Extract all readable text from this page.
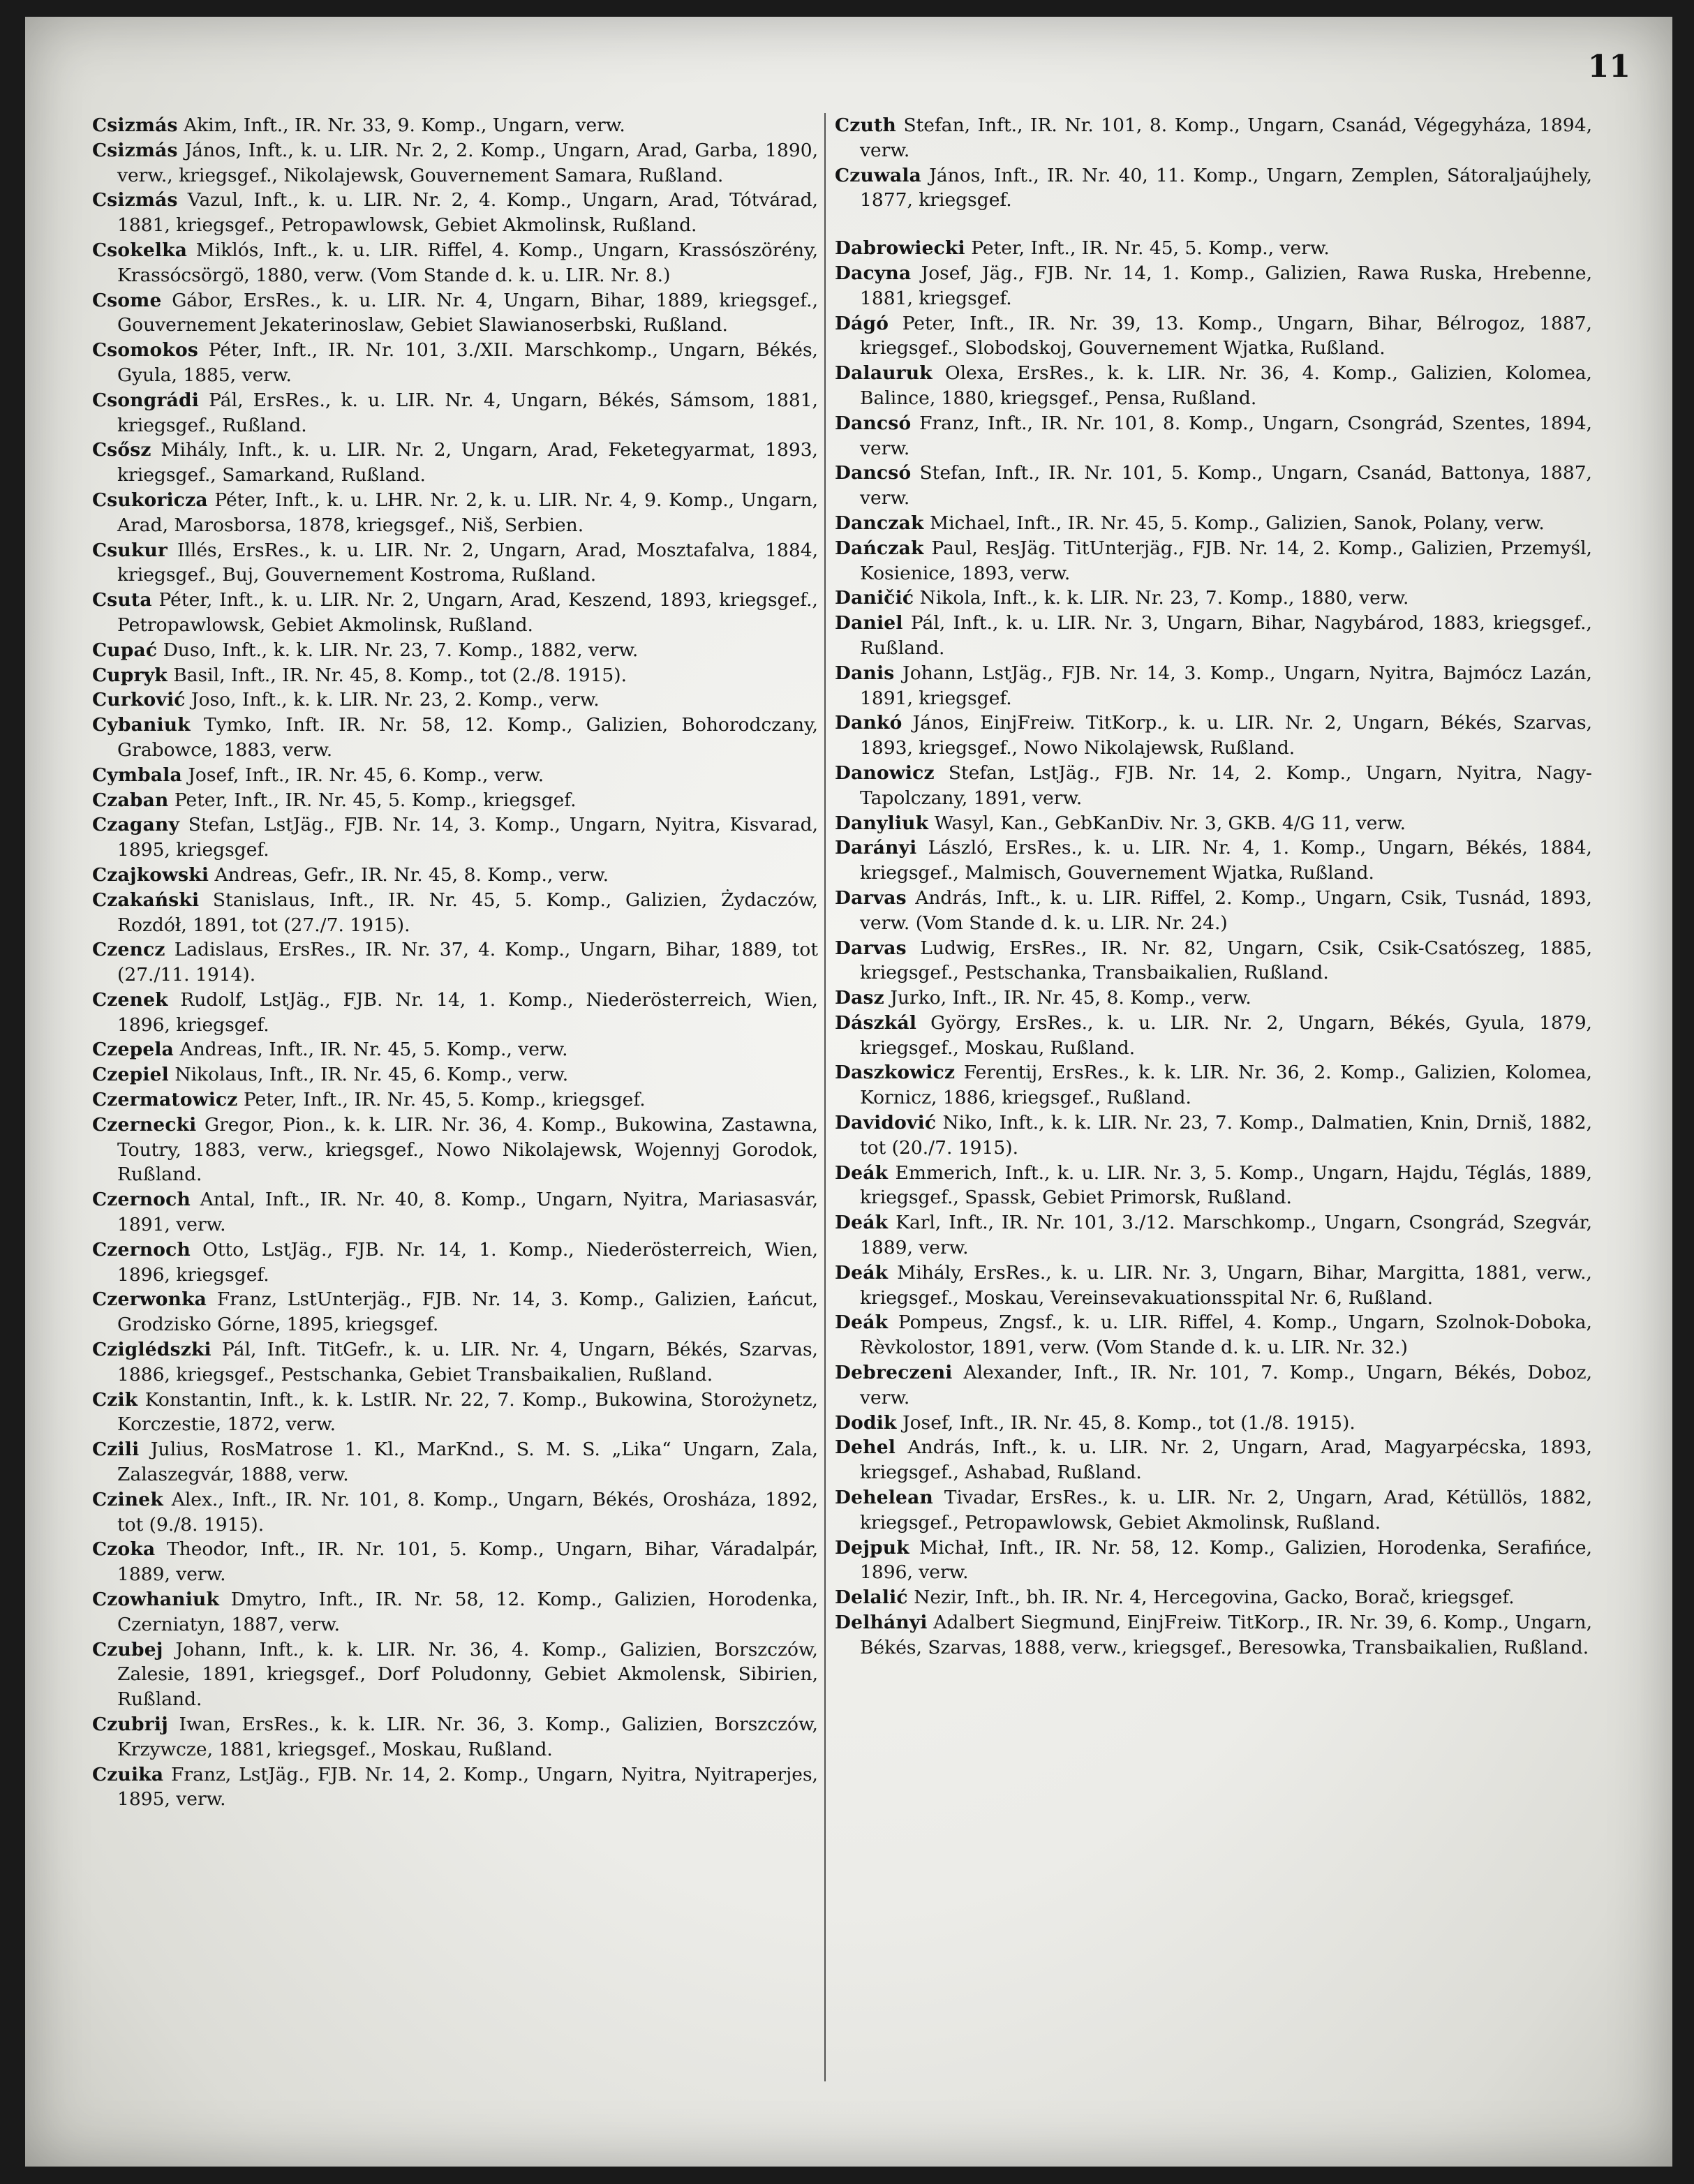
11

Csizmás Akim, Inft., IR. Nr. 33, 9. Komp., Ungarn, verw.

Csizmás János, Inft., k. u. LIR. Nr. 2, 2. Komp., Ungarn, Arad, Garba, 1890, verw., kriegsgef., Nikolajewsk, Gouvernement Samara, Rußland.

Csizmás Vazul, Inft., k. u. LIR. Nr. 2, 4. Komp., Ungarn, Arad, Tótvárad, 1881, kriegsgef., Petropawlowsk, Gebiet Akmolinsk, Rußland.

Csokelka Miklós, Inft., k. u. LIR. Riffel, 4. Komp., Ungarn, Krassószörény, Krassócsörgö, 1880, verw. (Vom Stande d. k. u. LIR. Nr. 8.)

Csome Gábor, ErsRes., k. u. LIR. Nr. 4, Ungarn, Bihar, 1889, kriegsgef., Gouvernement Jekaterinoslaw, Gebiet Slawianoserbski, Rußland.

Csomokos Péter, Inft., IR. Nr. 101, 3./XII. Marschkomp., Ungarn, Békés, Gyula, 1885, verw.

Csongrádi Pál, ErsRes., k. u. LIR. Nr. 4, Ungarn, Békés, Sámsom, 1881, kriegsgef., Rußland.

Csősz Mihály, Inft., k. u. LIR. Nr. 2, Ungarn, Arad, Feketegyarmat, 1893, kriegsgef., Samarkand, Rußland.

Csukoricza Péter, Inft., k. u. LHR. Nr. 2, k. u. LIR. Nr. 4, 9. Komp., Ungarn, Arad, Marosborsa, 1878, kriegsgef., Niš, Serbien.

Csukur Illés, ErsRes., k. u. LIR. Nr. 2, Ungarn, Arad, Mosztafalva, 1884, kriegsgef., Buj, Gouvernement Kostroma, Rußland.

Csuta Péter, Inft., k. u. LIR. Nr. 2, Ungarn, Arad, Keszend, 1893, kriegsgef., Petropawlowsk, Gebiet Akmolinsk, Rußland.

Cupać Duso, Inft., k. k. LIR. Nr. 23, 7. Komp., 1882, verw.

Cupryk Basil, Inft., IR. Nr. 45, 8. Komp., tot (2./8. 1915).

Curković Joso, Inft., k. k. LIR. Nr. 23, 2. Komp., verw.

Cybaniuk Tymko, Inft. IR. Nr. 58, 12. Komp., Galizien, Bohorodczany, Grabowce, 1883, verw.

Cymbala Josef, Inft., IR. Nr. 45, 6. Komp., verw.

Czaban Peter, Inft., IR. Nr. 45, 5. Komp., kriegsgef.

Czagany Stefan, LstJäg., FJB. Nr. 14, 3. Komp., Ungarn, Nyitra, Kisvarad, 1895, kriegsgef.

Czajkowski Andreas, Gefr., IR. Nr. 45, 8. Komp., verw.

Czakański Stanislaus, Inft., IR. Nr. 45, 5. Komp., Galizien, Żydaczów, Rozdół, 1891, tot (27./7. 1915).

Czencz Ladislaus, ErsRes., IR. Nr. 37, 4. Komp., Ungarn, Bihar, 1889, tot (27./11. 1914).

Czenek Rudolf, LstJäg., FJB. Nr. 14, 1. Komp., Niederösterreich, Wien, 1896, kriegsgef.

Czepela Andreas, Inft., IR. Nr. 45, 5. Komp., verw.

Czepiel Nikolaus, Inft., IR. Nr. 45, 6. Komp., verw.

Czermatowicz Peter, Inft., IR. Nr. 45, 5. Komp., kriegsgef.

Czernecki Gregor, Pion., k. k. LIR. Nr. 36, 4. Komp., Bukowina, Zastawna, Toutry, 1883, verw., kriegsgef., Nowo Nikolajewsk, Wojennyj Gorodok, Rußland.

Czernoch Antal, Inft., IR. Nr. 40, 8. Komp., Ungarn, Nyitra, Mariasasvár, 1891, verw.

Czernoch Otto, LstJäg., FJB. Nr. 14, 1. Komp., Niederösterreich, Wien, 1896, kriegsgef.

Czerwonka Franz, LstUnterjäg., FJB. Nr. 14, 3. Komp., Galizien, Łańcut, Grodzisko Górne, 1895, kriegsgef.

Cziglédszki Pál, Inft. TitGefr., k. u. LIR. Nr. 4, Ungarn, Békés, Szarvas, 1886, kriegsgef., Pestschanka, Gebiet Transbaikalien, Rußland.

Czik Konstantin, Inft., k. k. LstIR. Nr. 22, 7. Komp., Bukowina, Storożynetz, Korczestie, 1872, verw.

Czili Julius, RosMatrose 1. Kl., MarKnd., S. M. S. „Lika“ Ungarn, Zala, Zalaszegvár, 1888, verw.

Czinek Alex., Inft., IR. Nr. 101, 8. Komp., Ungarn, Békés, Orosháza, 1892, tot (9./8. 1915).

Czoka Theodor, Inft., IR. Nr. 101, 5. Komp., Ungarn, Bihar, Váradalpár, 1889, verw.

Czowhaniuk Dmytro, Inft., IR. Nr. 58, 12. Komp., Galizien, Horodenka, Czerniatyn, 1887, verw.

Czubej Johann, Inft., k. k. LIR. Nr. 36, 4. Komp., Galizien, Borszczów, Zalesie, 1891, kriegsgef., Dorf Poludonny, Gebiet Akmolensk, Sibirien, Rußland.

Czubrij Iwan, ErsRes., k. k. LIR. Nr. 36, 3. Komp., Galizien, Borszczów, Krzywcze, 1881, kriegsgef., Moskau, Rußland.

Czuika Franz, LstJäg., FJB. Nr. 14, 2. Komp., Ungarn, Nyitra, Nyitraperjes, 1895, verw.

Czuth Stefan, Inft., IR. Nr. 101, 8. Komp., Ungarn, Csanád, Végegyháza, 1894, verw.

Czuwala János, Inft., IR. Nr. 40, 11. Komp., Ungarn, Zemplen, Sátoraljaújhely, 1877, kriegsgef.

Dabrowiecki Peter, Inft., IR. Nr. 45, 5. Komp., verw.

Dacyna Josef, Jäg., FJB. Nr. 14, 1. Komp., Galizien, Rawa Ruska, Hrebenne, 1881, kriegsgef.

Dágó Peter, Inft., IR. Nr. 39, 13. Komp., Ungarn, Bihar, Bélrogoz, 1887, kriegsgef., Slobodskoj, Gouvernement Wjatka, Rußland.

Dalauruk Olexa, ErsRes., k. k. LIR. Nr. 36, 4. Komp., Galizien, Kolomea, Balince, 1880, kriegsgef., Pensa, Rußland.

Dancsó Franz, Inft., IR. Nr. 101, 8. Komp., Ungarn, Csongrád, Szentes, 1894, verw.

Dancsó Stefan, Inft., IR. Nr. 101, 5. Komp., Ungarn, Csanád, Battonya, 1887, verw.

Danczak Michael, Inft., IR. Nr. 45, 5. Komp., Galizien, Sanok, Polany, verw.

Dańczak Paul, ResJäg. TitUnterjäg., FJB. Nr. 14, 2. Komp., Galizien, Przemyśl, Kosienice, 1893, verw.

Daničić Nikola, Inft., k. k. LIR. Nr. 23, 7. Komp., 1880, verw.

Daniel Pál, Inft., k. u. LIR. Nr. 3, Ungarn, Bihar, Nagybárod, 1883, kriegsgef., Rußland.

Danis Johann, LstJäg., FJB. Nr. 14, 3. Komp., Ungarn, Nyitra, Bajmócz Lazán, 1891, kriegsgef.

Dankó János, EinjFreiw. TitKorp., k. u. LIR. Nr. 2, Ungarn, Békés, Szarvas, 1893, kriegsgef., Nowo Nikolajewsk, Rußland.

Danowicz Stefan, LstJäg., FJB. Nr. 14, 2. Komp., Ungarn, Nyitra, Nagy-Tapolczany, 1891, verw.

Danyliuk Wasyl, Kan., GebKanDiv. Nr. 3, GKB. 4/G 11, verw.

Darányi László, ErsRes., k. u. LIR. Nr. 4, 1. Komp., Ungarn, Békés, 1884, kriegsgef., Malmisch, Gouvernement Wjatka, Rußland.

Darvas András, Inft., k. u. LIR. Riffel, 2. Komp., Ungarn, Csik, Tusnád, 1893, verw. (Vom Stande d. k. u. LIR. Nr. 24.)

Darvas Ludwig, ErsRes., IR. Nr. 82, Ungarn, Csik, Csik-Csatószeg, 1885, kriegsgef., Pestschanka, Transbaikalien, Rußland.

Dasz Jurko, Inft., IR. Nr. 45, 8. Komp., verw.

Dászkál György, ErsRes., k. u. LIR. Nr. 2, Ungarn, Békés, Gyula, 1879, kriegsgef., Moskau, Rußland.

Daszkowicz Ferentij, ErsRes., k. k. LIR. Nr. 36, 2. Komp., Galizien, Kolomea, Kornicz, 1886, kriegsgef., Rußland.

Davidović Niko, Inft., k. k. LIR. Nr. 23, 7. Komp., Dalmatien, Knin, Drniš, 1882, tot (20./7. 1915).

Deák Emmerich, Inft., k. u. LIR. Nr. 3, 5. Komp., Ungarn, Hajdu, Téglás, 1889, kriegsgef., Spassk, Gebiet Primorsk, Rußland.

Deák Karl, Inft., IR. Nr. 101, 3./12. Marschkomp., Ungarn, Csongrád, Szegvár, 1889, verw.

Deák Mihály, ErsRes., k. u. LIR. Nr. 3, Ungarn, Bihar, Margitta, 1881, verw., kriegsgef., Moskau, Vereinsevakuationsspital Nr. 6, Rußland.

Deák Pompeus, Zngsf., k. u. LIR. Riffel, 4. Komp., Ungarn, Szolnok-Doboka, Rèvkolostor, 1891, verw. (Vom Stande d. k. u. LIR. Nr. 32.)

Debreczeni Alexander, Inft., IR. Nr. 101, 7. Komp., Ungarn, Békés, Doboz, verw.

Dodik Josef, Inft., IR. Nr. 45, 8. Komp., tot (1./8. 1915).

Dehel András, Inft., k. u. LIR. Nr. 2, Ungarn, Arad, Magyarpécska, 1893, kriegsgef., Ashabad, Rußland.

Dehelean Tivadar, ErsRes., k. u. LIR. Nr. 2, Ungarn, Arad, Kétüllös, 1882, kriegsgef., Petropawlowsk, Gebiet Akmolinsk, Rußland.

Dejpuk Michał, Inft., IR. Nr. 58, 12. Komp., Galizien, Horodenka, Serafińce, 1896, verw.

Delalić Nezir, Inft., bh. IR. Nr. 4, Hercegovina, Gacko, Borač, kriegsgef.

Delhányi Adalbert Siegmund, EinjFreiw. TitKorp., IR. Nr. 39, 6. Komp., Ungarn, Békés, Szarvas, 1888, verw., kriegsgef., Beresowka, Transbaikalien, Rußland.
